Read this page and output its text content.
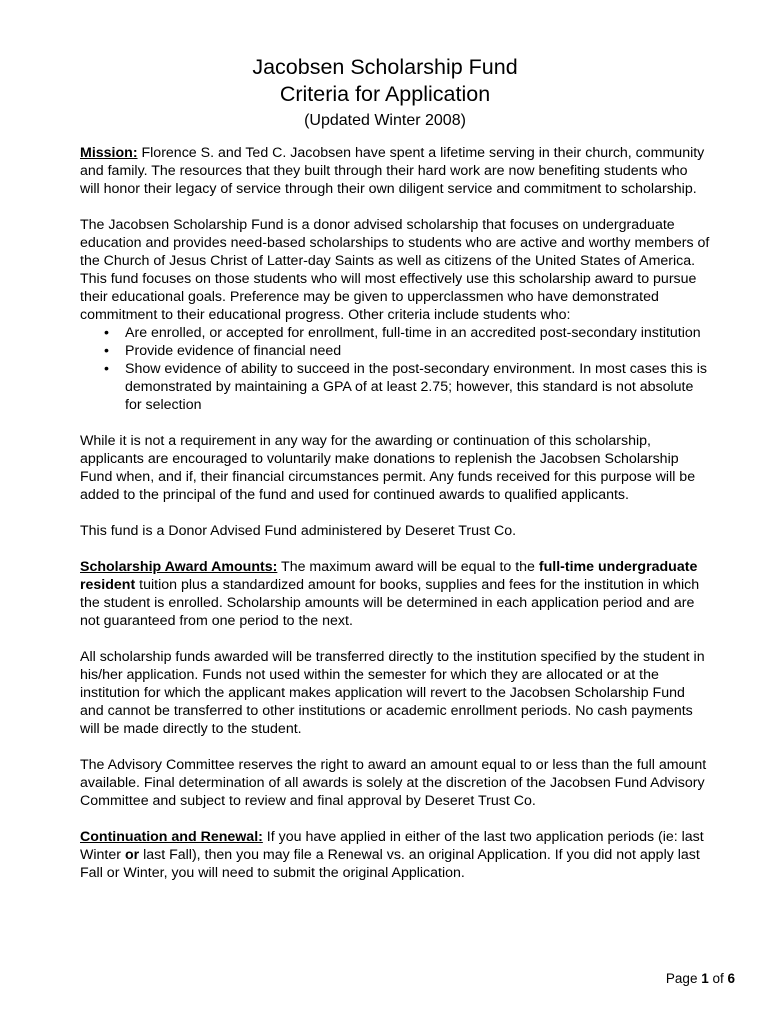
Jacobsen Scholarship Fund
Criteria for Application
(Updated Winter 2008)

Mission: Florence S. and Ted C. Jacobsen have spent a lifetime serving in their church, community and family. The resources that they built through their hard work are now benefiting students who will honor their legacy of service through their own diligent service and commitment to scholarship.

The Jacobsen Scholarship Fund is a donor advised scholarship that focuses on undergraduate education and provides need-based scholarships to students who are active and worthy members of the Church of Jesus Christ of Latter-day Saints as well as citizens of the United States of America. This fund focuses on those students who will most effectively use this scholarship award to pursue their educational goals. Preference may be given to upperclassmen who have demonstrated commitment to their educational progress. Other criteria include students who:

• Are enrolled, or accepted for enrollment, full-time in an accredited post-secondary institution
• Provide evidence of financial need
• Show evidence of ability to succeed in the post-secondary environment. In most cases this is demonstrated by maintaining a GPA of at least 2.75; however, this standard is not absolute for selection

While it is not a requirement in any way for the awarding or continuation of this scholarship, applicants are encouraged to voluntarily make donations to replenish the Jacobsen Scholarship Fund when, and if, their financial circumstances permit. Any funds received for this purpose will be added to the principal of the fund and used for continued awards to qualified applicants.

This fund is a Donor Advised Fund administered by Deseret Trust Co.

Scholarship Award Amounts: The maximum award will be equal to the full-time undergraduate resident tuition plus a standardized amount for books, supplies and fees for the institution in which the student is enrolled. Scholarship amounts will be determined in each application period and are not guaranteed from one period to the next.

All scholarship funds awarded will be transferred directly to the institution specified by the student in his/her application. Funds not used within the semester for which they are allocated or at the institution for which the applicant makes application will revert to the Jacobsen Scholarship Fund and cannot be transferred to other institutions or academic enrollment periods. No cash payments will be made directly to the student.

The Advisory Committee reserves the right to award an amount equal to or less than the full amount available. Final determination of all awards is solely at the discretion of the Jacobsen Fund Advisory Committee and subject to review and final approval by Deseret Trust Co.

Continuation and Renewal: If you have applied in either of the last two application periods (ie: last Winter or last Fall), then you may file a Renewal vs. an original Application. If you did not apply last Fall or Winter, you will need to submit the original Application.

Page 1 of 6
